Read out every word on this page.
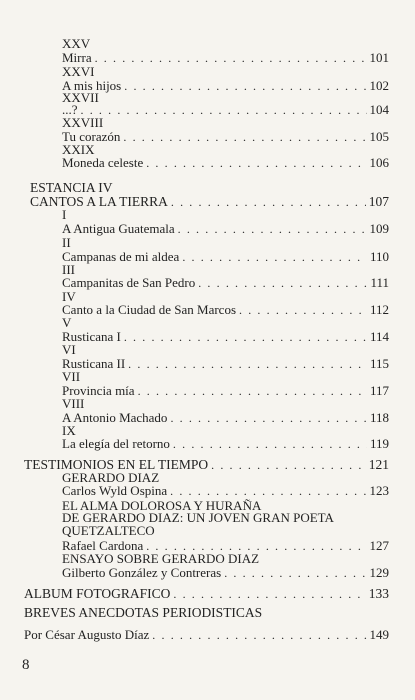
XXV
Mirra . . .	101
XXVI
A mis hijos . . .	102
XXVII
...? . . .	104
XXVIII
Tu corazón . . .	105
XXIX
Moneda celeste . . .	106
ESTANCIA IV
CANTOS A LA TIERRA . . .	107
I
A Antigua Guatemala . . .	109
II
Campanas de mi aldea . . .	110
III
Campanitas de San Pedro . . .	111
IV
Canto a la Ciudad de San Marcos . . .	112
V
Rusticana I . . .	114
VI
Rusticana II . . .	115
VII
Provincia mía . . .	117
VIII
A Antonio Machado . . .	118
IX
La elegía del retorno . . .	119
TESTIMONIOS EN EL TIEMPO . . .	121
GERARDO DIAZ
Carlos Wyld Ospina . . .	123
EL ALMA DOLOROSA Y HURAÑA
DE GERARDO DIAZ: UN JOVEN GRAN POETA
QUETZALTECO
Rafael Cardona . . .	127
ENSAYO SOBRE GERARDO DIAZ
Gilberto González y Contreras . . .	129
ALBUM FOTOGRAFICO . . .	133
BREVES ANECDOTAS PERIODISTICAS
Por César Augusto Díaz . . .	149
8
